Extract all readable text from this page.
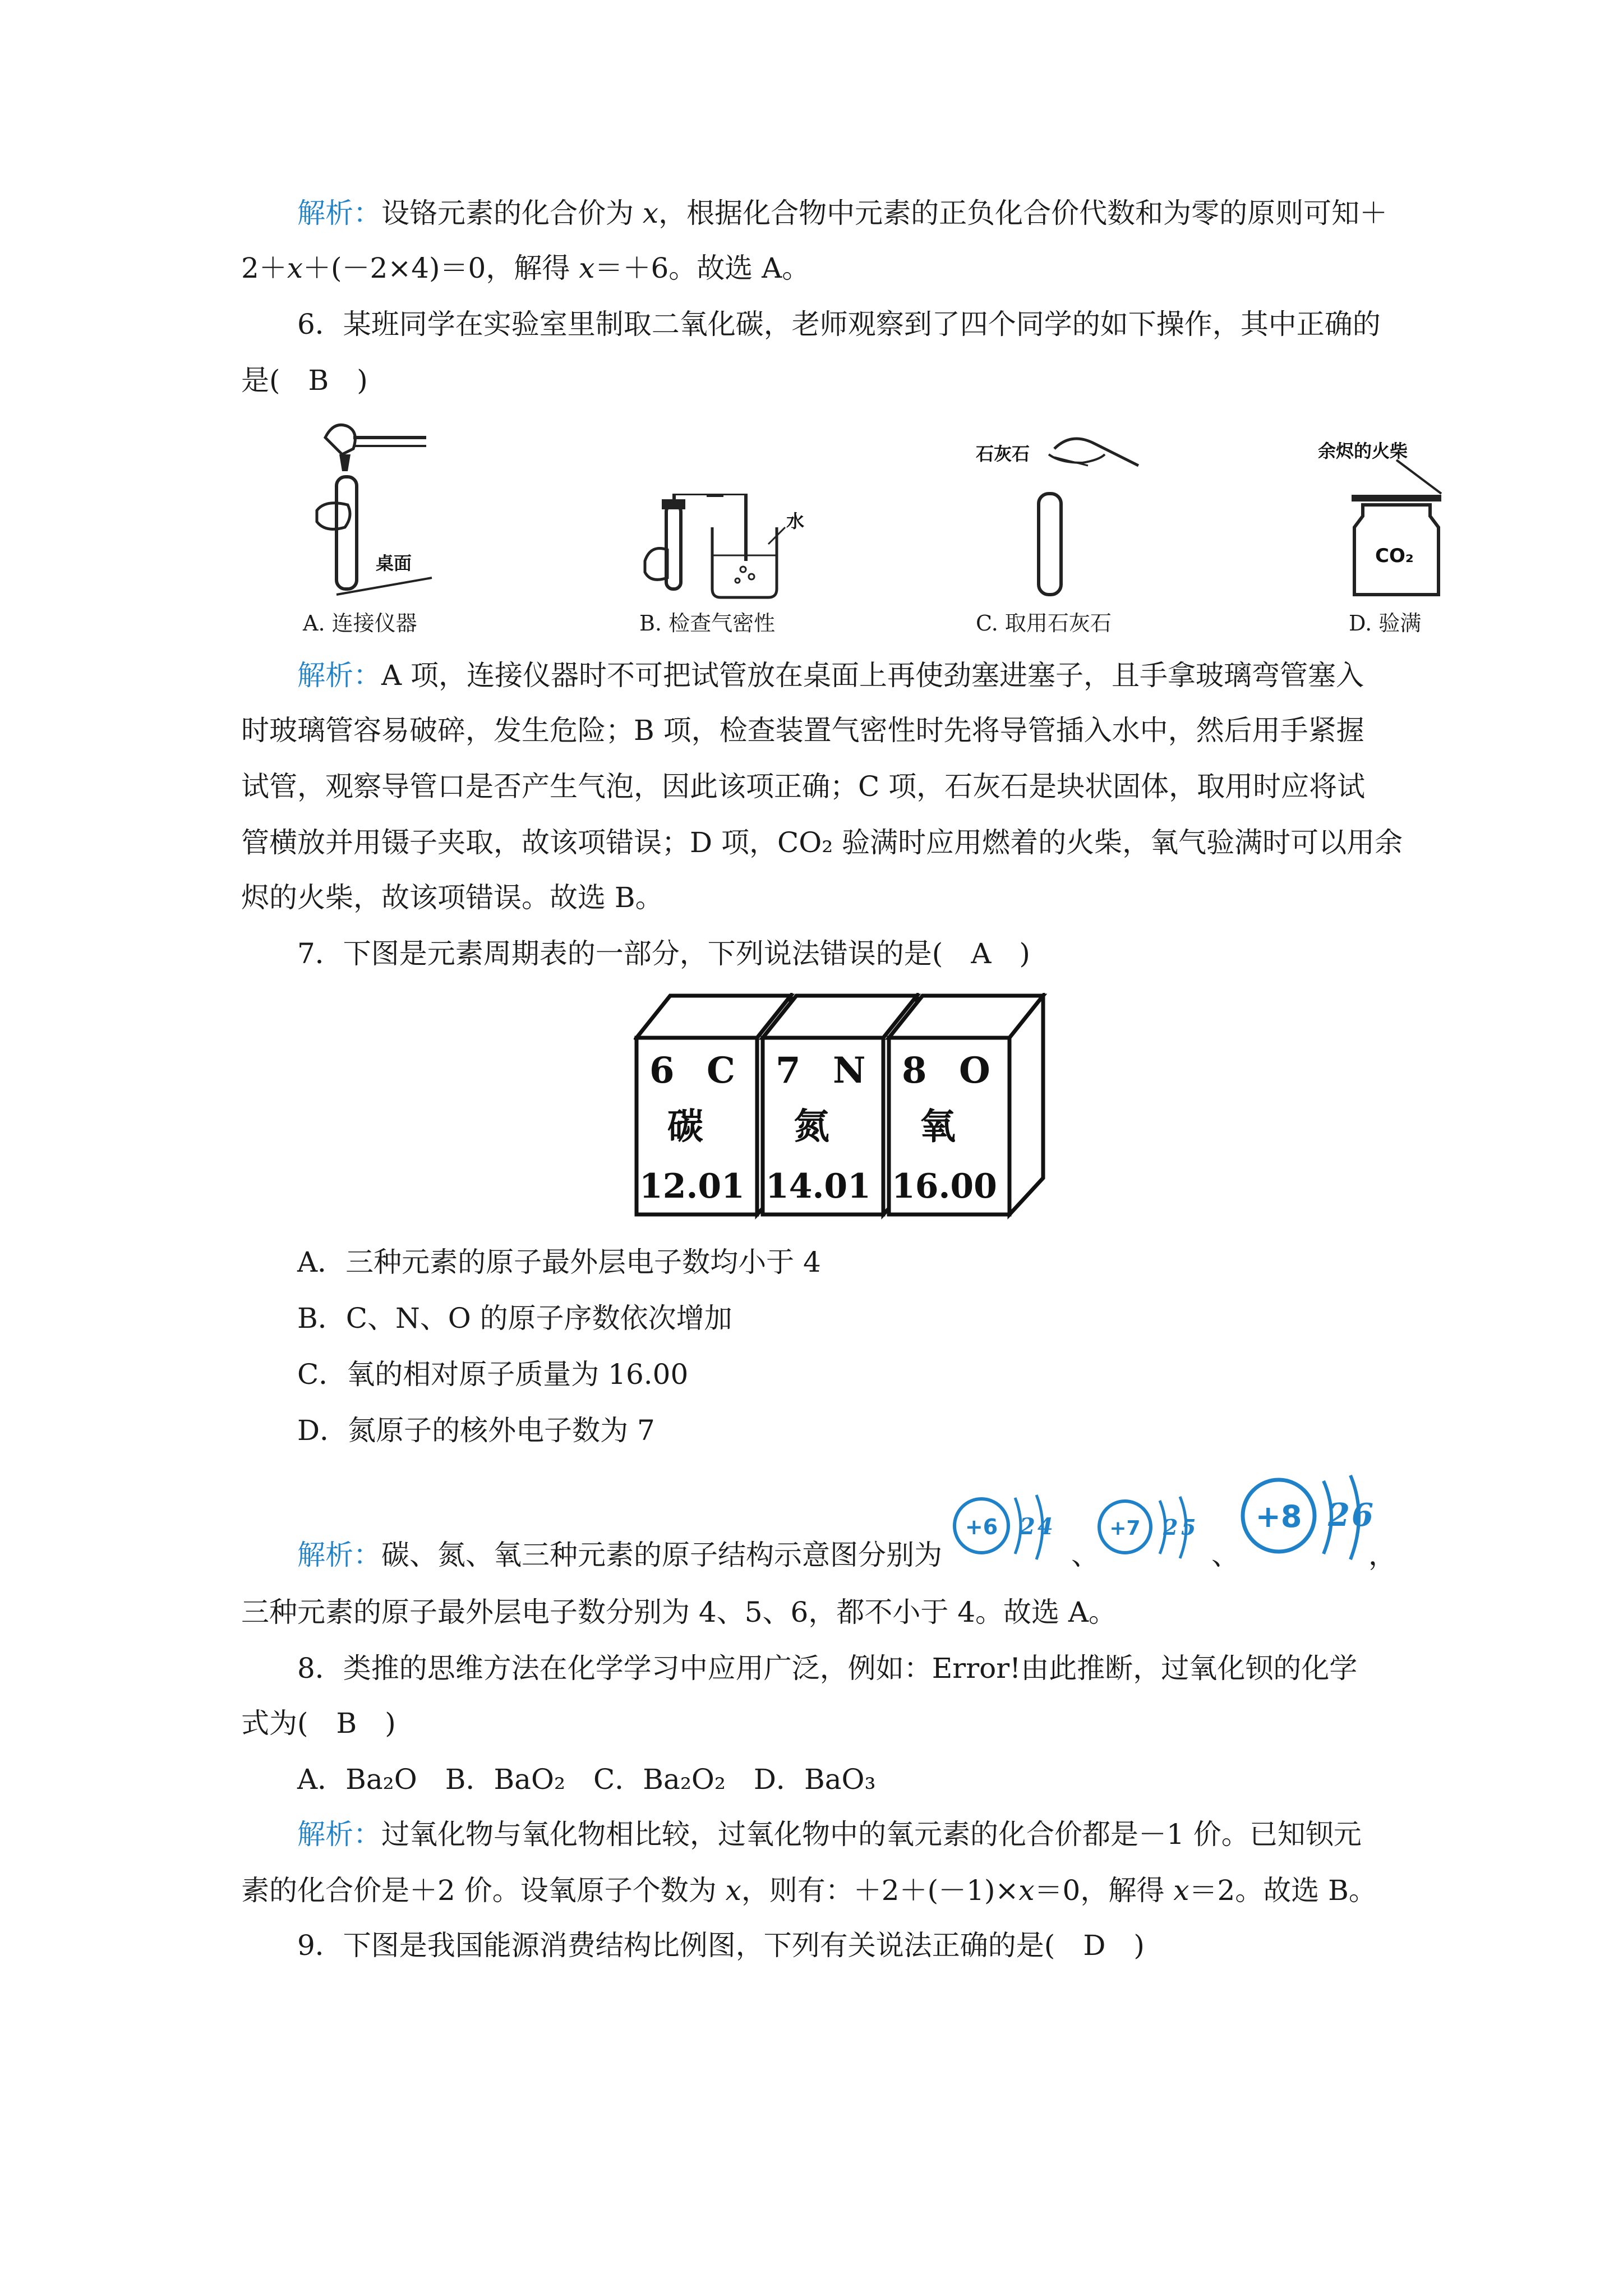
解析：设铬元素的化合价为 x，根据化合物中元素的正负化合价代数和为零的原则可知＋
2＋x＋(－2×4)＝0，解得 x＝＋6。故选 A。
6．某班同学在实验室里制取二氧化碳，老师观察到了四个同学的如下操作，其中正确的
是(　B　)
桌面
A. 连接仪器
水
B. 检查气密性
石灰石
C. 取用石灰石
余烬的火柴
CO₂
D. 验满
解析：A 项，连接仪器时不可把试管放在桌面上再使劲塞进塞子，且手拿玻璃弯管塞入
时玻璃管容易破碎，发生危险；B 项，检查装置气密性时先将导管插入水中，然后用手紧握
试管，观察导管口是否产生气泡，因此该项正确；C 项，石灰石是块状固体，取用时应将试
管横放并用镊子夹取，故该项错误；D 项，CO₂ 验满时应用燃着的火柴，氧气验满时可以用余
烬的火柴，故该项错误。故选 B。
7．下图是元素周期表的一部分，下列说法错误的是(　A　)
6 C
碳
12.01
7 N
氮
14.01
8 O
氧
16.00
A．三种元素的原子最外层电子数均小于 4
B．C、N、O 的原子序数依次增加
C．氧的相对原子质量为 16.00
D．氮原子的核外电子数为 7
解析：碳、氮、氧三种元素的原子结构示意图分别为
+6 2 4
、
+7 2 5
、
+8 2 6
，
三种元素的原子最外层电子数分别为 4、5、6，都不小于 4。故选 A。
8．类推的思维方法在化学学习中应用广泛，例如：Error!由此推断，过氧化钡的化学
式为(　B　)
A．Ba₂O　B．BaO₂　C．Ba₂O₂　D．BaO₃
解析：过氧化物与氧化物相比较，过氧化物中的氧元素的化合价都是－1 价。已知钡元
素的化合价是＋2 价。设氧原子个数为 x，则有：＋2＋(－1)×x＝0，解得 x＝2。故选 B。
9．下图是我国能源消费结构比例图，下列有关说法正确的是(　D　)
